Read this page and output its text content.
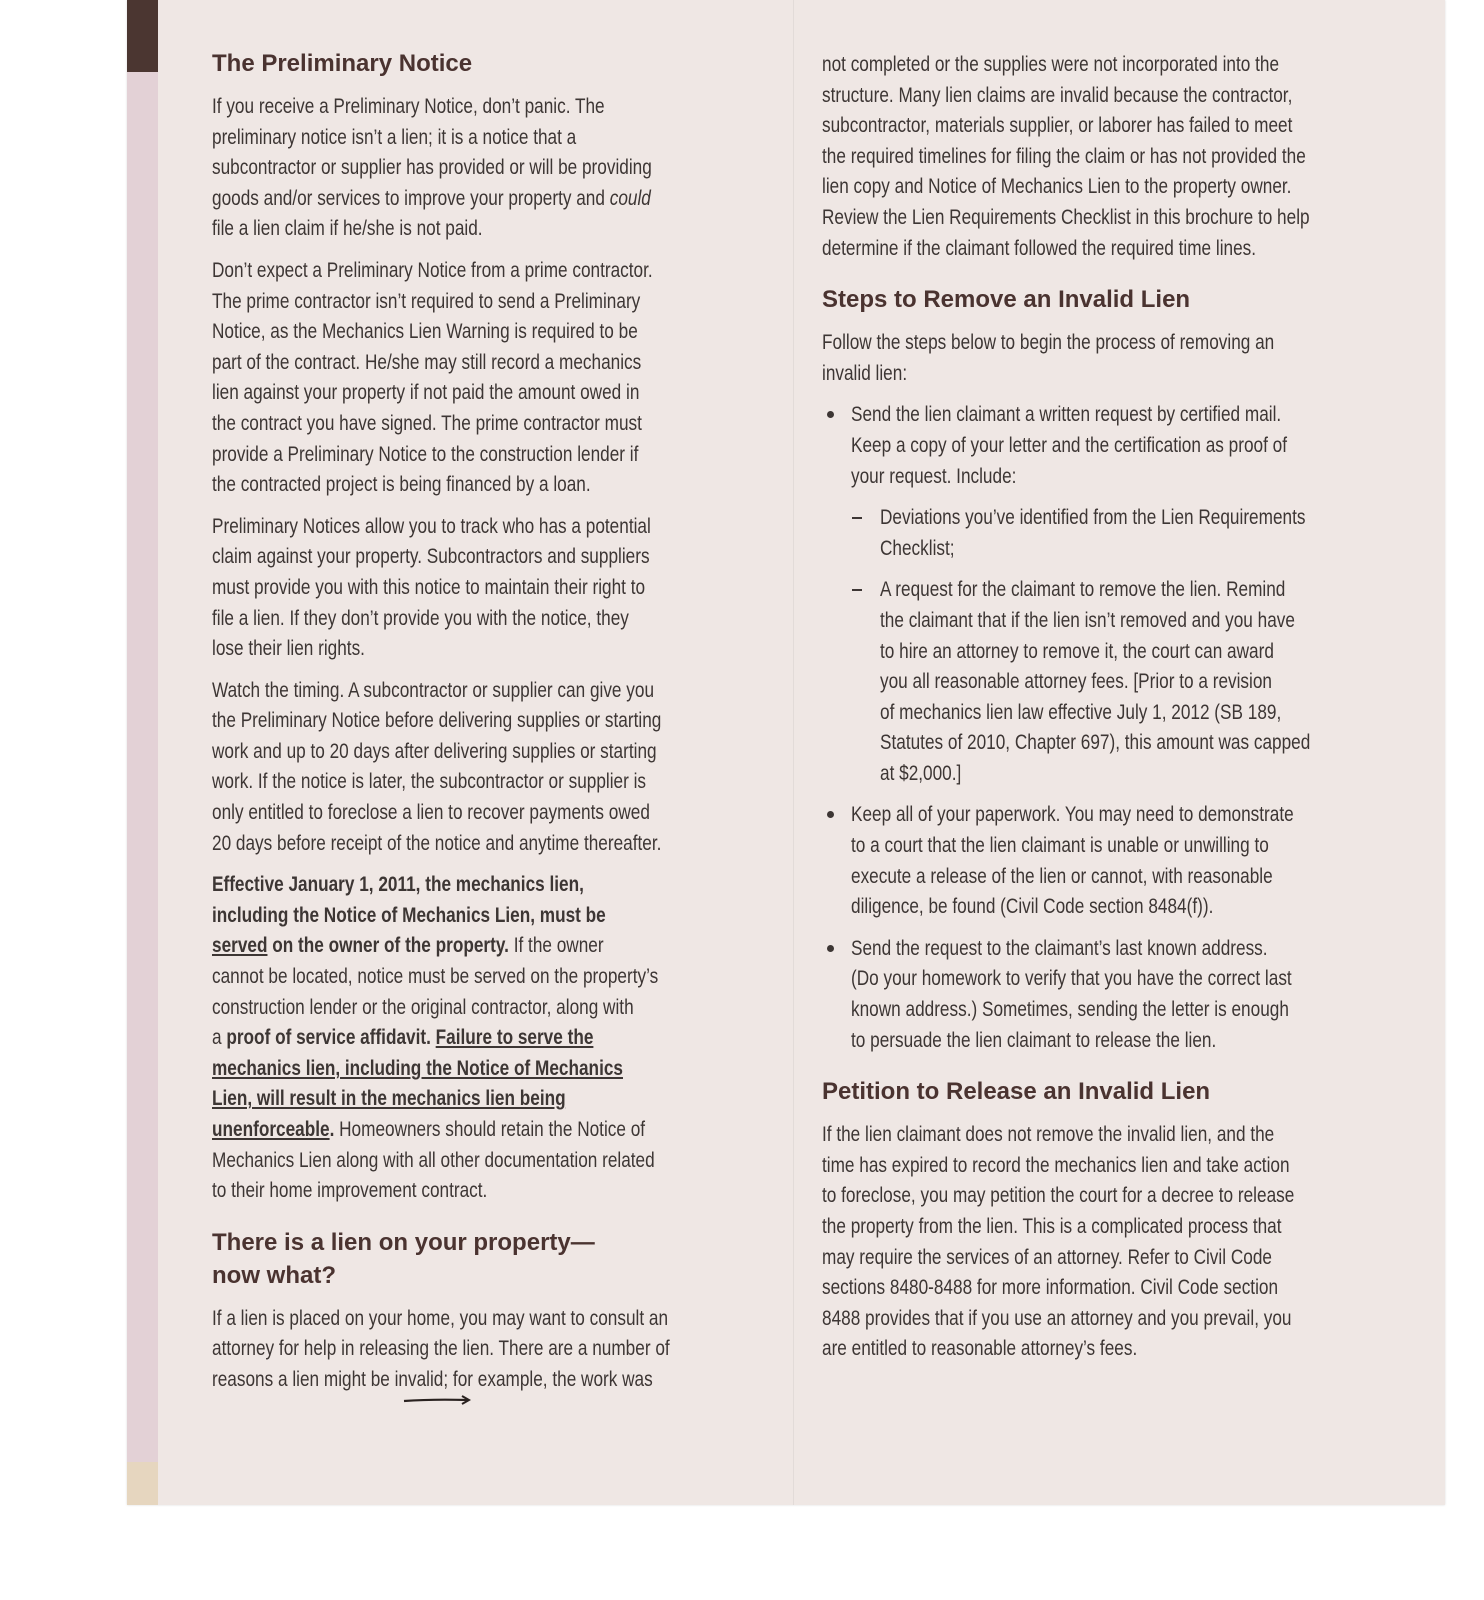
The Preliminary Notice
If you receive a Preliminary Notice, don’t panic. The
preliminary notice isn’t a lien; it is a notice that a
subcontractor or supplier has provided or will be providing
goods and/or services to improve your property and could
file a lien claim if he/she is not paid.
Don’t expect a Preliminary Notice from a prime contractor.
The prime contractor isn’t required to send a Preliminary
Notice, as the Mechanics Lien Warning is required to be
part of the contract. He/she may still record a mechanics
lien against your property if not paid the amount owed in
the contract you have signed. The prime contractor must
provide a Preliminary Notice to the construction lender if
the contracted project is being financed by a loan.
Preliminary Notices allow you to track who has a potential
claim against your property. Subcontractors and suppliers
must provide you with this notice to maintain their right to
file a lien. If they don’t provide you with the notice, they
lose their lien rights.
Watch the timing. A subcontractor or supplier can give you
the Preliminary Notice before delivering supplies or starting
work and up to 20 days after delivering supplies or starting
work. If the notice is later, the subcontractor or supplier is
only entitled to foreclose a lien to recover payments owed
20 days before receipt of the notice and anytime thereafter.
Effective January 1, 2011, the mechanics lien,
including the Notice of Mechanics Lien, must be
served on the owner of the property. If the owner
cannot be located, notice must be served on the property’s
construction lender or the original contractor, along with
a proof of service affidavit. Failure to serve the
mechanics lien, including the Notice of Mechanics
Lien, will result in the mechanics lien being
unenforceable. Homeowners should retain the Notice of
Mechanics Lien along with all other documentation related
to their home improvement contract.
There is a lien on your property—
now what?
If a lien is placed on your home, you may want to consult an
attorney for help in releasing the lien. There are a number of
reasons a lien might be invalid; for example, the work was
not completed or the supplies were not incorporated into the
structure. Many lien claims are invalid because the contractor,
subcontractor, materials supplier, or laborer has failed to meet
the required timelines for filing the claim or has not provided the
lien copy and Notice of Mechanics Lien to the property owner.
Review the Lien Requirements Checklist in this brochure to help
determine if the claimant followed the required time lines.
Steps to Remove an Invalid Lien
Follow the steps below to begin the process of removing an
invalid lien:
Send the lien claimant a written request by certified mail.
Keep a copy of your letter and the certification as proof of
your request. Include:
Deviations you’ve identified from the Lien Requirements
Checklist;
A request for the claimant to remove the lien. Remind
the claimant that if the lien isn’t removed and you have
to hire an attorney to remove it, the court can award
you all reasonable attorney fees. [Prior to a revision
of mechanics lien law effective July 1, 2012 (SB 189,
Statutes of 2010, Chapter 697), this amount was capped
at $2,000.]
Keep all of your paperwork. You may need to demonstrate
to a court that the lien claimant is unable or unwilling to
execute a release of the lien or cannot, with reasonable
diligence, be found (Civil Code section 8484(f)).
Send the request to the claimant’s last known address.
(Do your homework to verify that you have the correct last
known address.) Sometimes, sending the letter is enough
to persuade the lien claimant to release the lien.
Petition to Release an Invalid Lien
If the lien claimant does not remove the invalid lien, and the
time has expired to record the mechanics lien and take action
to foreclose, you may petition the court for a decree to release
the property from the lien. This is a complicated process that
may require the services of an attorney. Refer to Civil Code
sections 8480-8488 for more information. Civil Code section
8488 provides that if you use an attorney and you prevail, you
are entitled to reasonable attorney’s fees.
